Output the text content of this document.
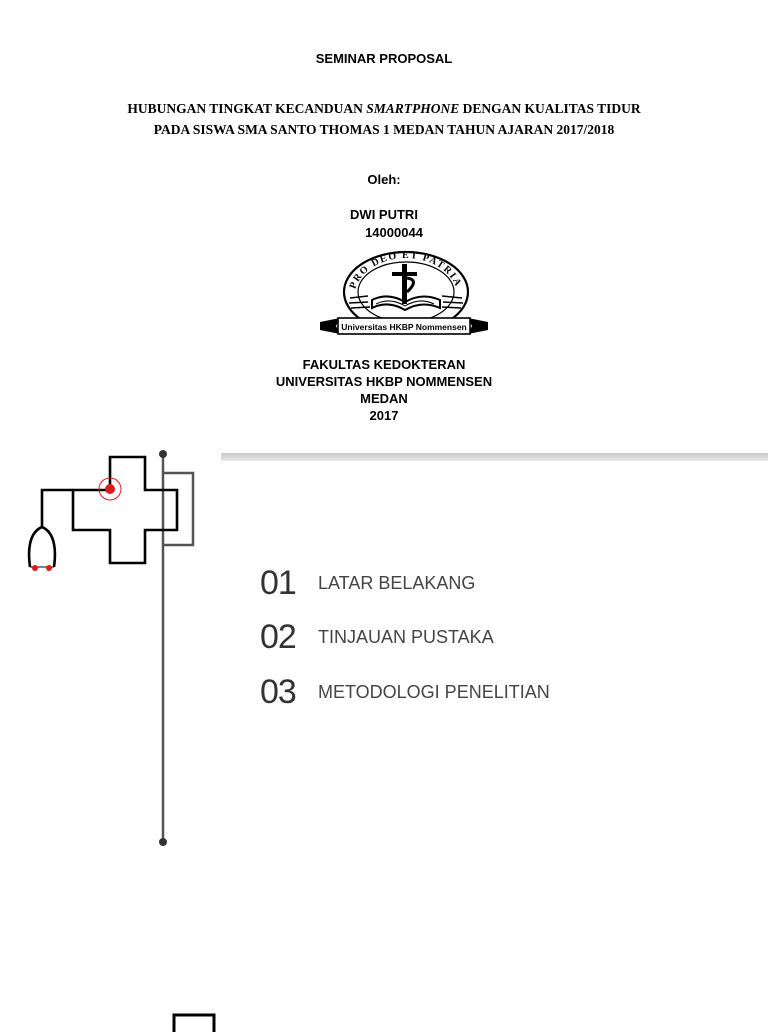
SEMINAR PROPOSAL
HUBUNGAN TINGKAT KECANDUAN SMARTPHONE DENGAN KUALITAS TIDUR PADA SISWA SMA SANTO THOMAS 1 MEDAN TAHUN AJARAN 2017/2018
Oleh:
DWI PUTRI
14000044
PRO DEO ET PATRIA
Universitas HKBP Nommensen
FAKULTAS KEDOKTERAN
UNIVERSITAS HKBP NOMMENSEN
MEDAN
2017
01	LATAR BELAKANG
02	TINJAUAN PUSTAKA
03	METODOLOGI PENELITIAN
